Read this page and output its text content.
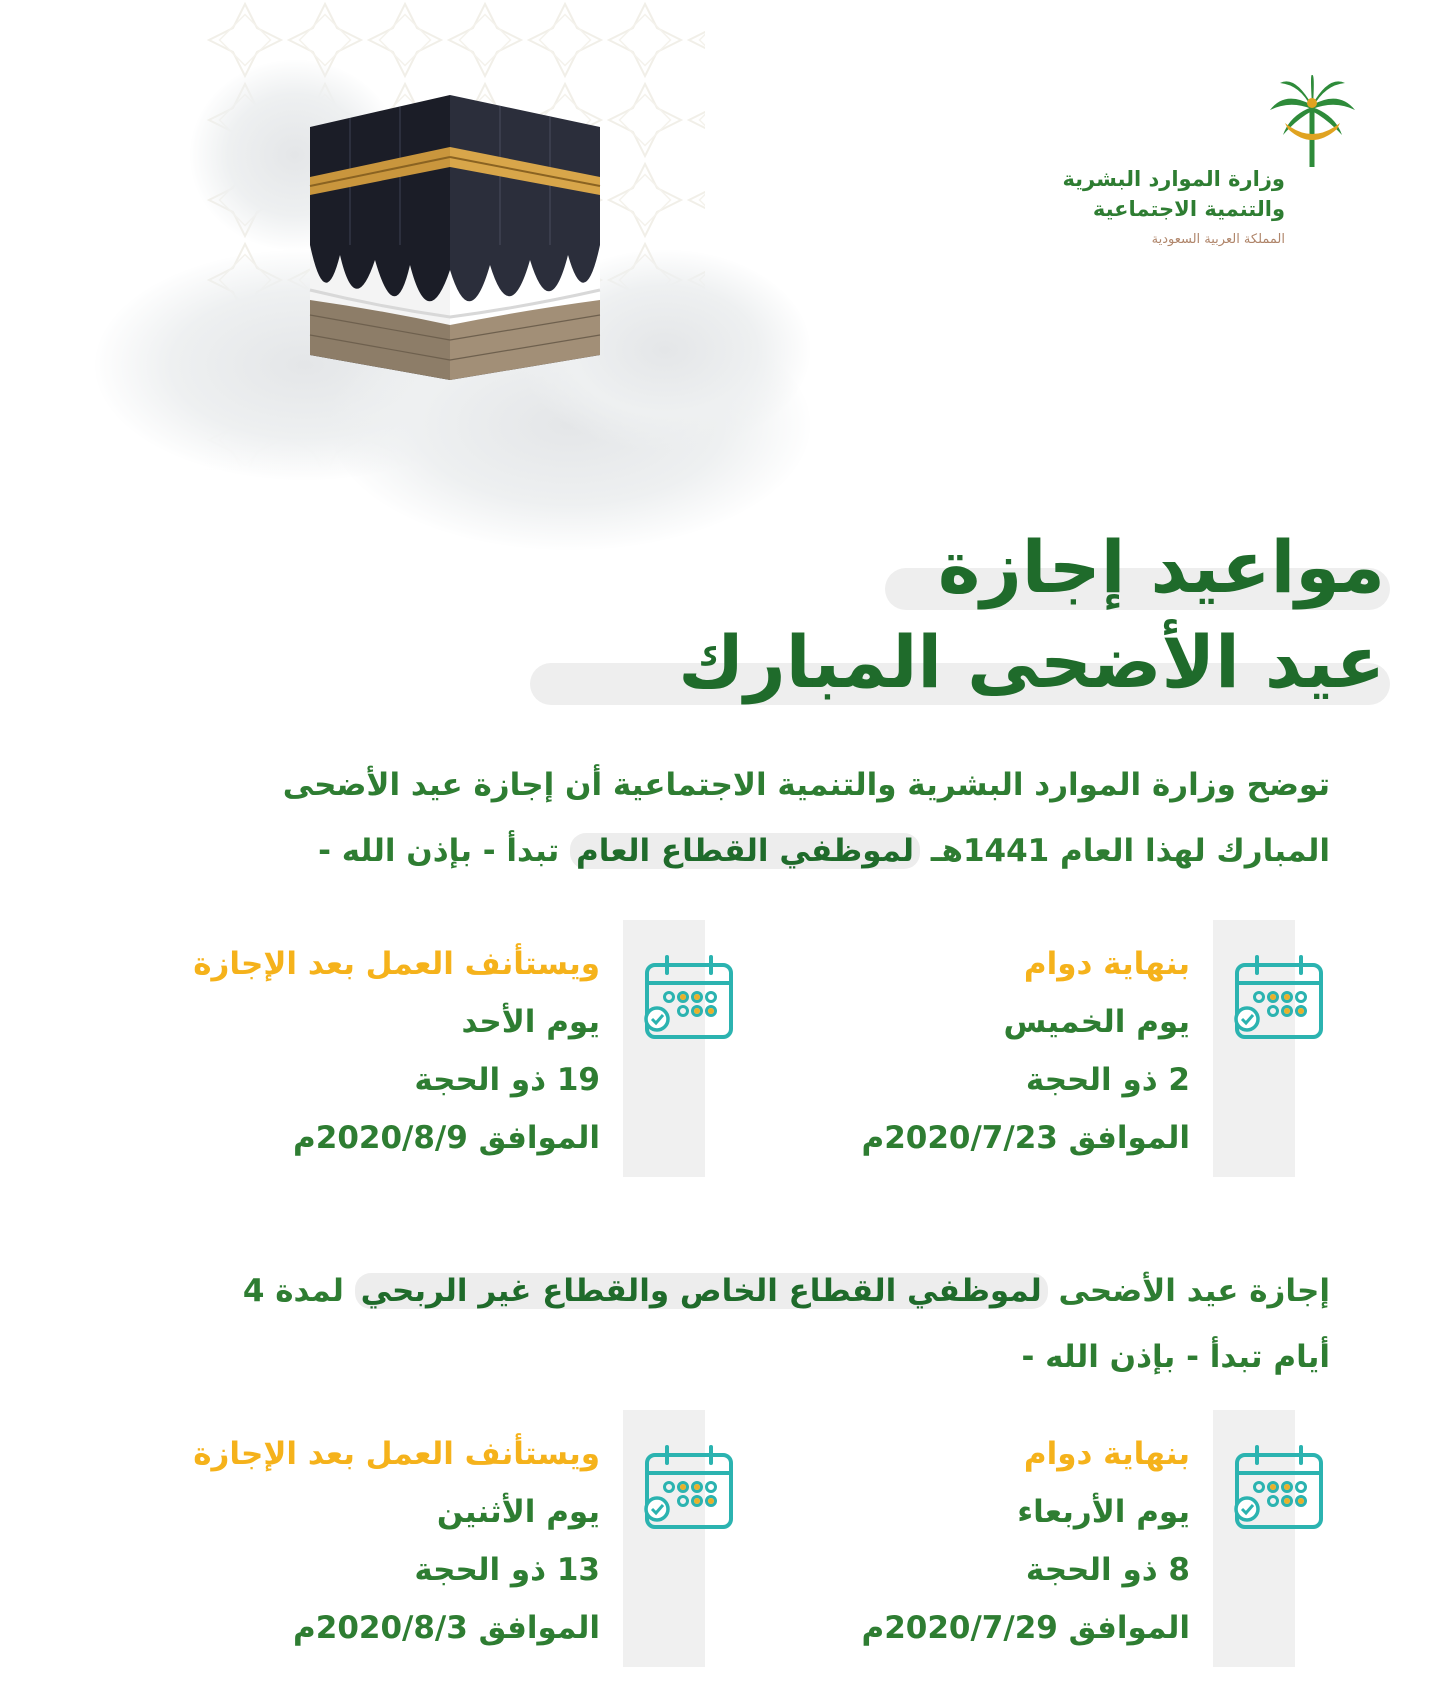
وزارة الموارد البشرية
والتنمية الاجتماعية
المملكة العربية السعودية
مواعيد إجازة
عيد الأضحى المبارك
توضح وزارة الموارد البشرية والتنمية الاجتماعية أن إجازة عيد الأضحى المبارك لهذا العام 1441هـ لموظفي القطاع العام تبدأ - بإذن الله -
بنهاية دوام
يوم الخميس
2 ذو الحجة
الموافق 2020/7/23م
ويستأنف العمل بعد الإجازة
يوم الأحد
19 ذو الحجة
الموافق 2020/8/9م
إجازة عيد الأضحى لموظفي القطاع الخاص والقطاع غير الربحي لمدة 4 أيام تبدأ - بإذن الله -
بنهاية دوام
يوم الأربعاء
8 ذو الحجة
الموافق 2020/7/29م
ويستأنف العمل بعد الإجازة
يوم الأثنين
13 ذو الحجة
الموافق 2020/8/3م
